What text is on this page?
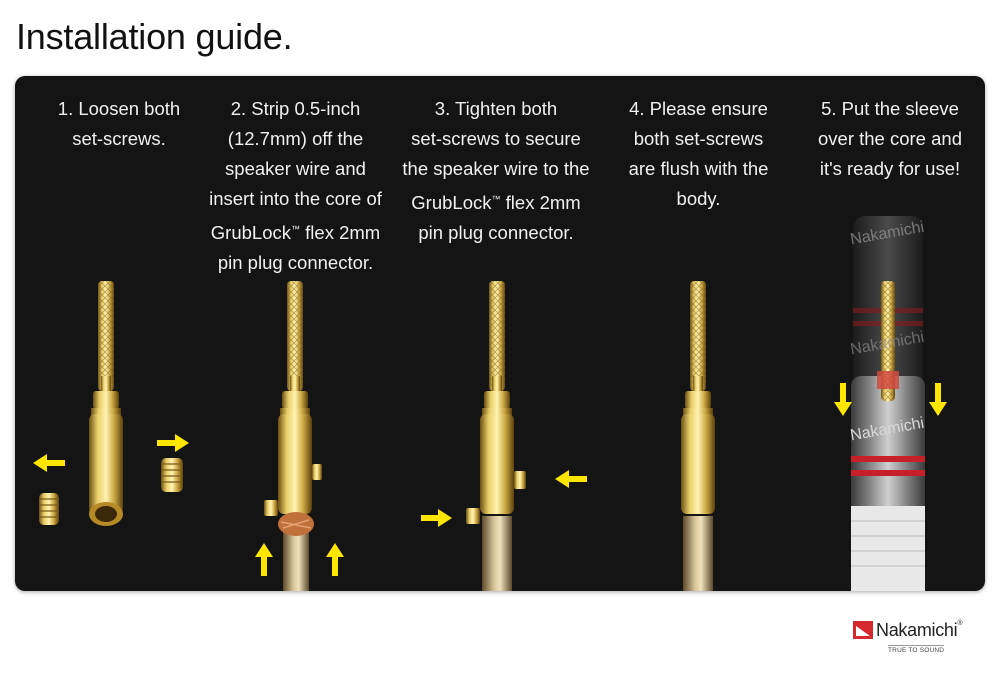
Installation guide.
Nakamichi
Nakamichi
Nakamichi
1. Loosen both
set-screws.
2. Strip 0.5-inch
(12.7mm) off the
speaker wire and
insert into the core of
GrubLock™ flex 2mm
pin plug connector.
3. Tighten both
set-screws to secure
the speaker wire to the
GrubLock™ flex 2mm
pin plug connector.
4. Please ensure
both set-screws
are flush with the
body.
5. Put the sleeve
over the core and
it's ready for use!
Nakamichi®
TRUE TO SOUND
